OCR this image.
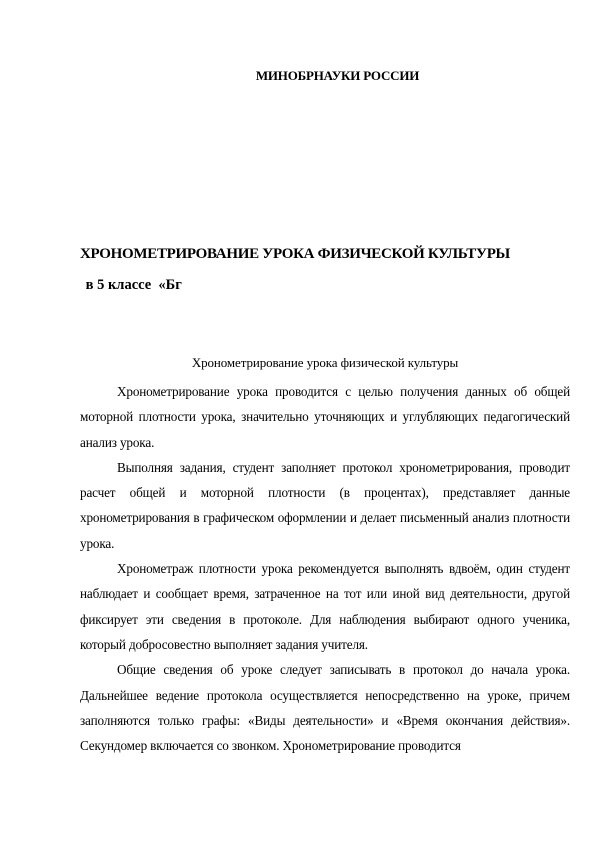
МИНОБРНАУКИ РОССИИ
ХРОНОМЕТРИРОВАНИЕ УРОКА ФИЗИЧЕСКОЙ КУЛЬТУРЫ
в 5 классе  «Бг
Хронометрирование урока физической культуры

Хронометрирование урока проводится с целью получения данных об общей моторной плотности урока, значительно уточняющих и углубляющих педагогический анализ урока.

Выполняя задания, студент заполняет протокол хронометрирования, проводит расчет общей и моторной плотности (в процентах), представляет данные хронометрирования в графическом оформлении и делает письменный анализ плотности урока.

Хронометраж плотности урока рекомендуется выполнять вдвоём, один студент наблюдает и сообщает время, затраченное на тот или иной вид деятельности, другой фиксирует эти сведения в протоколе. Для наблюдения выбирают одного ученика, который добросовестно выполняет задания учителя.

Общие сведения об уроке следует записывать в протокол до начала урока. Дальнейшее ведение протокола осуществляется непосредственно на уроке, причем заполняются только графы: «Виды деятельности» и «Время окончания действия». Секундомер включается со звонком. Хронометрирование проводится
